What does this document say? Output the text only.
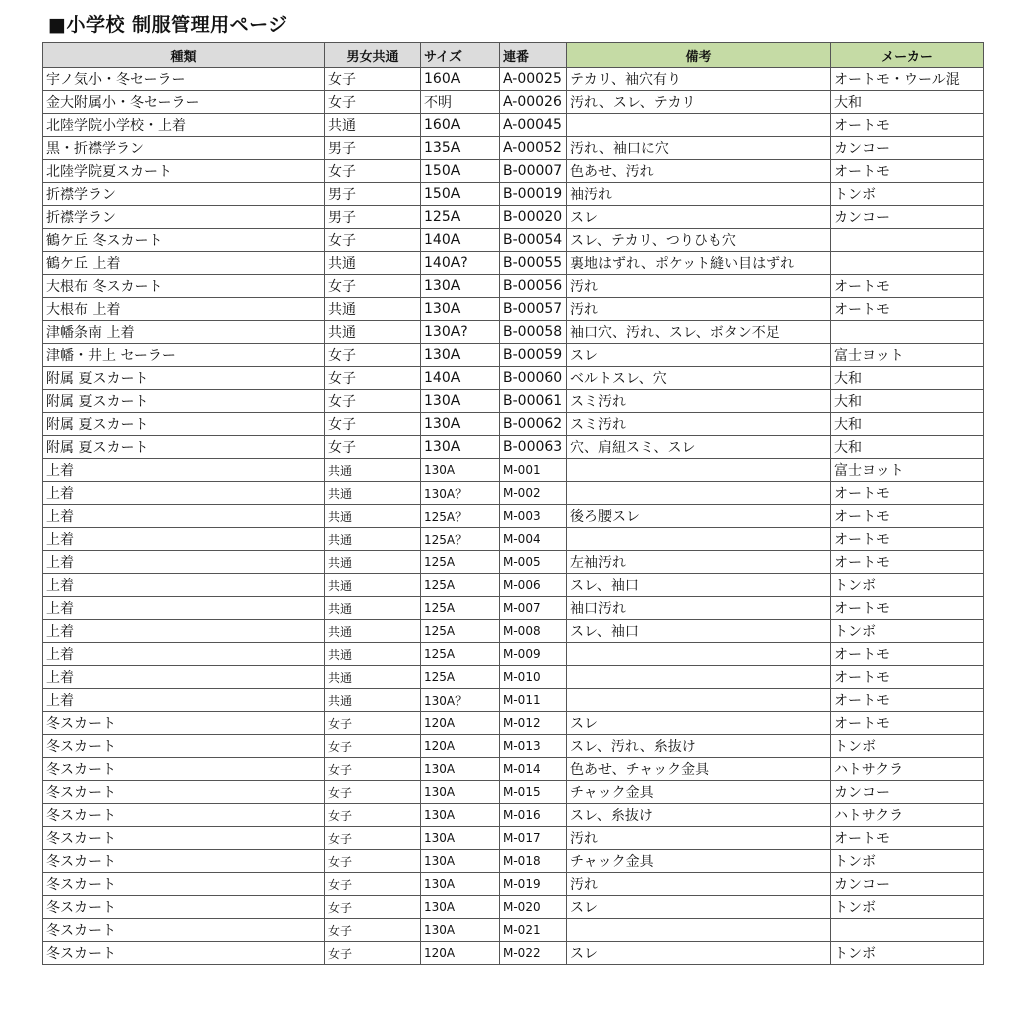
■小学校 制服管理用ページ
種類	男女共通	サイズ	連番	備考	メーカー
宇ノ気小・冬セーラー	女子	160A	A-00025	テカリ、袖穴有り	オートモ・ウール混
金大附属小・冬セーラー	女子	不明	A-00026	汚れ、スレ、テカリ	大和
北陸学院小学校・上着	共通	160A	A-00045		オートモ
黒・折襟学ラン	男子	135A	A-00052	汚れ、袖口に穴	カンコー
北陸学院夏スカート	女子	150A	B-00007	色あせ、汚れ	オートモ
折襟学ラン	男子	150A	B-00019	袖汚れ	トンボ
折襟学ラン	男子	125A	B-00020	スレ	カンコー
鶴ケ丘 冬スカート	女子	140A	B-00054	スレ、テカリ、つりひも穴	
鶴ケ丘 上着	共通	140A?	B-00055	裏地はずれ、ポケット縫い目はずれ	
大根布 冬スカート	女子	130A	B-00056	汚れ	オートモ
大根布 上着	共通	130A	B-00057	汚れ	オートモ
津幡条南 上着	共通	130A?	B-00058	袖口穴、汚れ、スレ、ボタン不足	
津幡・井上 セーラー	女子	130A	B-00059	スレ	富士ヨット
附属 夏スカート	女子	140A	B-00060	ベルトスレ、穴	大和
附属 夏スカート	女子	130A	B-00061	スミ汚れ	大和
附属 夏スカート	女子	130A	B-00062	スミ汚れ	大和
附属 夏スカート	女子	130A	B-00063	穴、肩紐スミ、スレ	大和
上着	共通	130A	M-001		富士ヨット
上着	共通	130A？	M-002		オートモ
上着	共通	125A？	M-003	後ろ腰スレ	オートモ
上着	共通	125A？	M-004		オートモ
上着	共通	125A	M-005	左袖汚れ	オートモ
上着	共通	125A	M-006	スレ、袖口	トンボ
上着	共通	125A	M-007	袖口汚れ	オートモ
上着	共通	125A	M-008	スレ、袖口	トンボ
上着	共通	125A	M-009		オートモ
上着	共通	125A	M-010		オートモ
上着	共通	130A？	M-011		オートモ
冬スカート	女子	120A	M-012	スレ	オートモ
冬スカート	女子	120A	M-013	スレ、汚れ、糸抜け	トンボ
冬スカート	女子	130A	M-014	色あせ、チャック金具	ハトサクラ
冬スカート	女子	130A	M-015	チャック金具	カンコー
冬スカート	女子	130A	M-016	スレ、糸抜け	ハトサクラ
冬スカート	女子	130A	M-017	汚れ	オートモ
冬スカート	女子	130A	M-018	チャック金具	トンボ
冬スカート	女子	130A	M-019	汚れ	カンコー
冬スカート	女子	130A	M-020	スレ	トンボ
冬スカート	女子	130A	M-021		
冬スカート	女子	120A	M-022	スレ	トンボ
